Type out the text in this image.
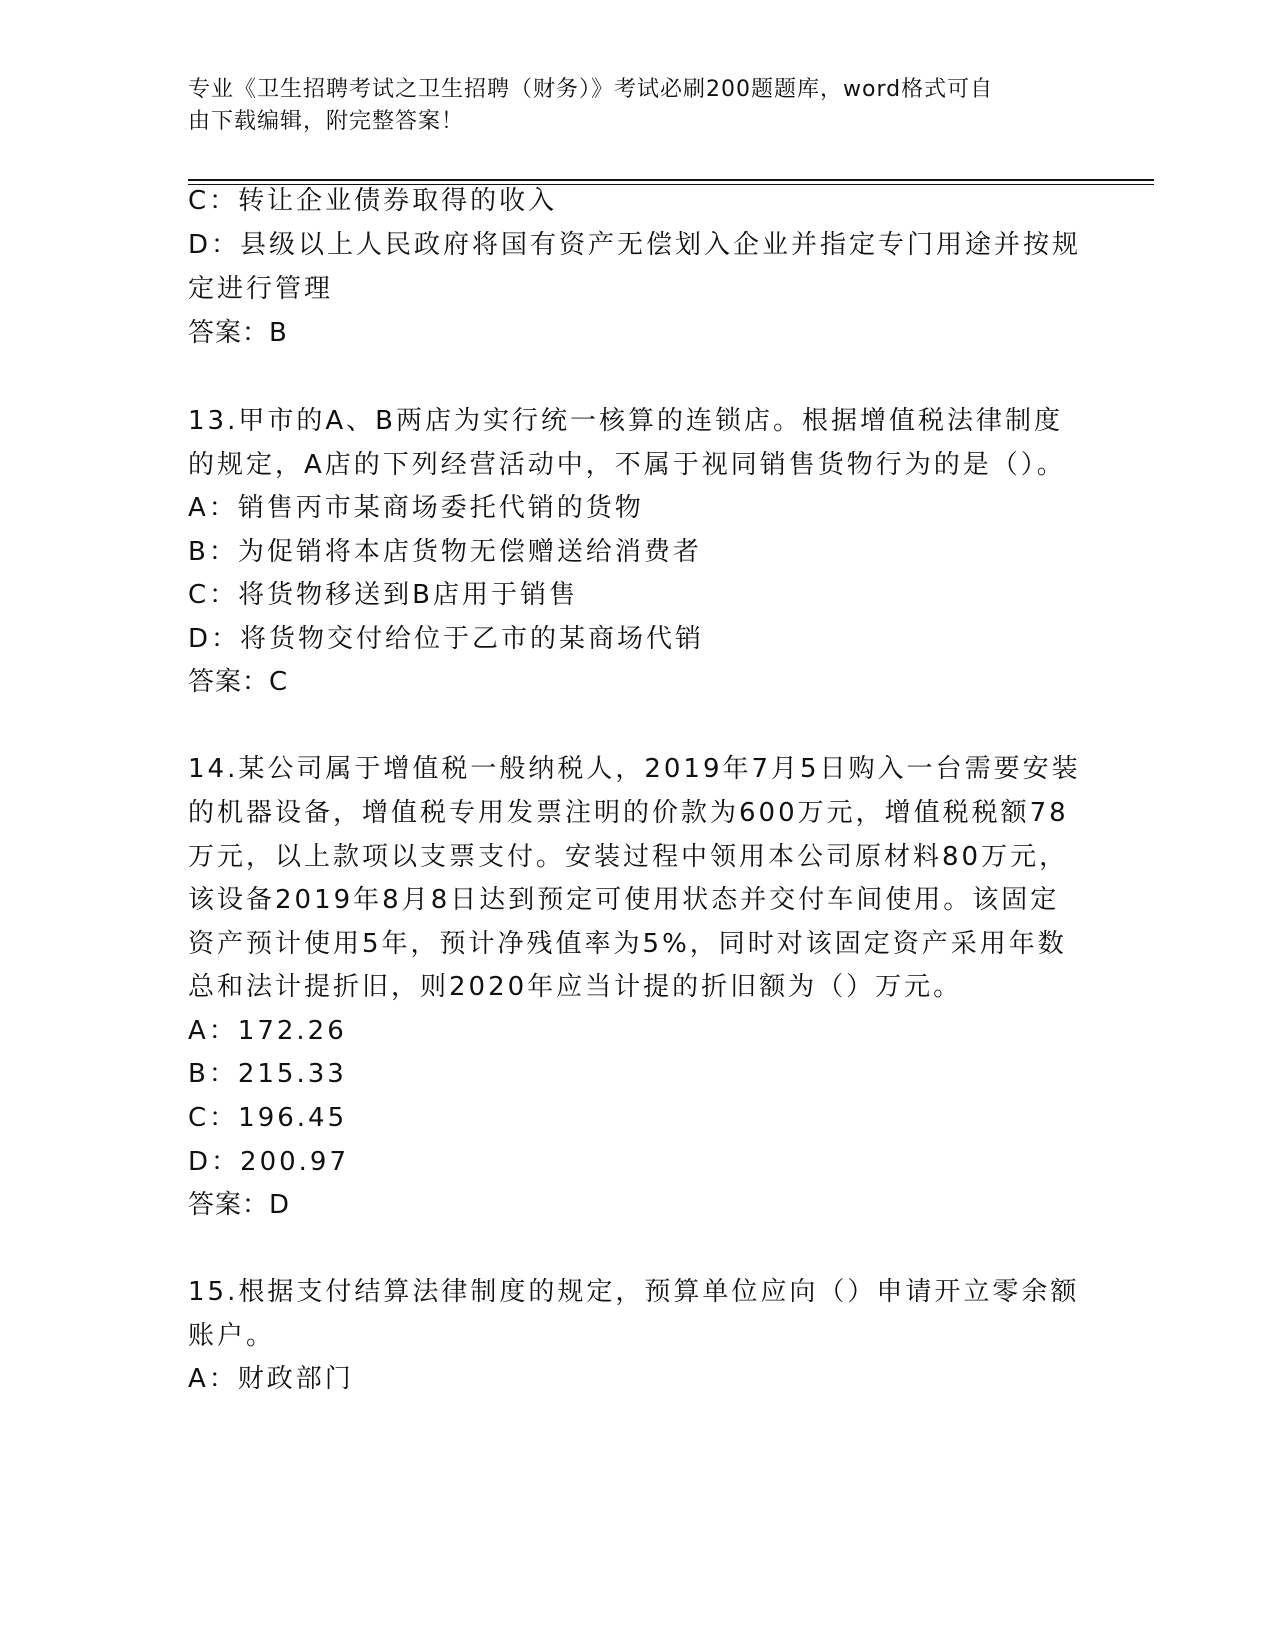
专业《卫生招聘考试之卫生招聘（财务）》考试必刷200题题库，word格式可自
由下载编辑，附完整答案！
C：转让企业债券取得的收入
D：县级以上人民政府将国有资产无偿划入企业并指定专门用途并按规
定进行管理
答案：B
13.甲市的A、B两店为实行统一核算的连锁店。根据增值税法律制度
的规定，A店的下列经营活动中，不属于视同销售货物行为的是（）。
A：销售丙市某商场委托代销的货物
B：为促销将本店货物无偿赠送给消费者
C：将货物移送到B店用于销售
D：将货物交付给位于乙市的某商场代销
答案：C
14.某公司属于增值税一般纳税人，2019年7月5日购入一台需要安装
的机器设备，增值税专用发票注明的价款为600万元，增值税税额78
万元，以上款项以支票支付。安装过程中领用本公司原材料80万元，
该设备2019年8月8日达到预定可使用状态并交付车间使用。该固定
资产预计使用5年，预计净残值率为5%，同时对该固定资产采用年数
总和法计提折旧，则2020年应当计提的折旧额为（）万元。
A：172.26
B：215.33
C：196.45
D：200.97
答案：D
15.根据支付结算法律制度的规定，预算单位应向（）申请开立零余额
账户。
A：财政部门
